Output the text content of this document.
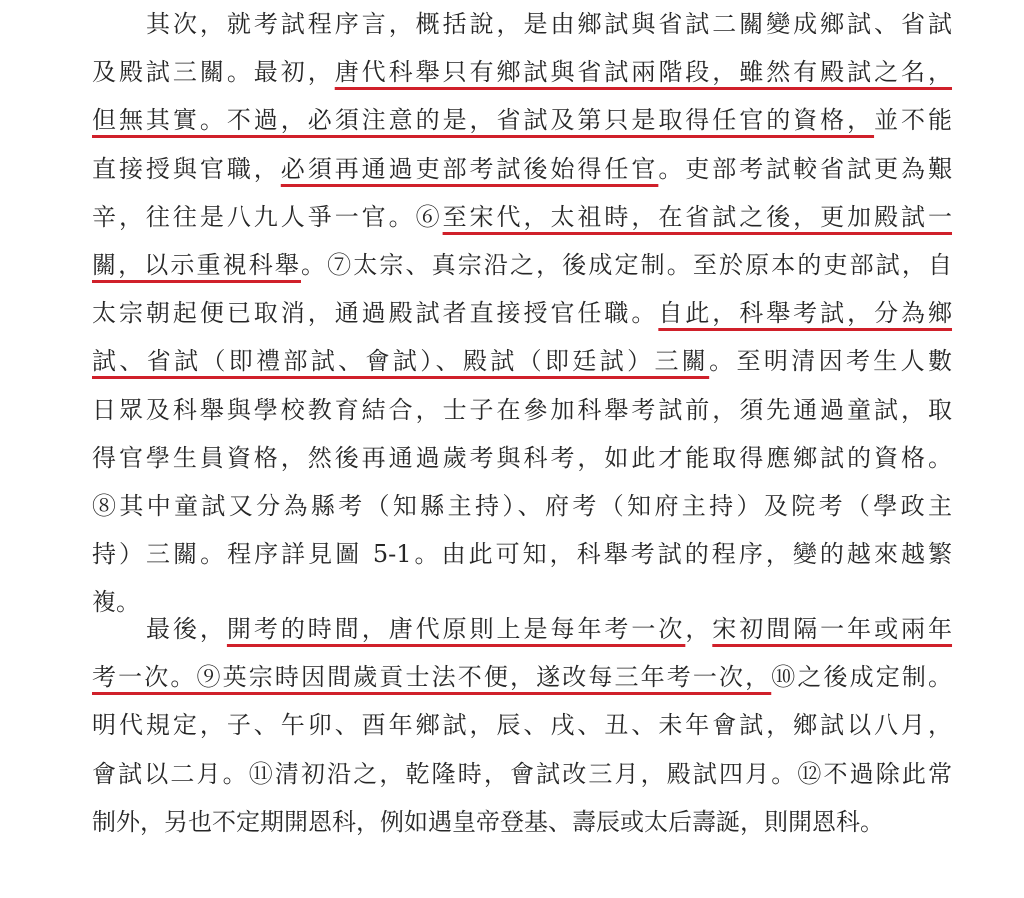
其次，就考試程序言，概括說，是由鄉試與省試二關變成鄉試、省試
及殿試三關。最初，唐代科舉只有鄉試與省試兩階段，雖然有殿試之名，
但無其實。不過，必須注意的是，省試及第只是取得任官的資格，並不能
直接授與官職，必須再通過吏部考試後始得任官。吏部考試較省試更為艱
辛，往往是八九人爭一官。⑥至宋代，太祖時，在省試之後，更加殿試一
關，以示重視科舉。⑦太宗、真宗沿之，後成定制。至於原本的吏部試，自
太宗朝起便已取消，通過殿試者直接授官任職。自此，科舉考試，分為鄉
試、省試（即禮部試、會試）、殿試（即廷試）三關。至明清因考生人數
日眾及科舉與學校教育結合，士子在參加科舉考試前，須先通過童試，取
得官學生員資格，然後再通過歲考與科考，如此才能取得應鄉試的資格。
⑧其中童試又分為縣考（知縣主持）、府考（知府主持）及院考（學政主
持）三關。程序詳見圖 5-1。由此可知，科舉考試的程序，變的越來越繁
複。
最後，開考的時間，唐代原則上是每年考一次，宋初間隔一年或兩年
考一次。⑨英宗時因間歲貢士法不便，遂改每三年考一次，⑩之後成定制。
明代規定，子、午卯、酉年鄉試，辰、戌、丑、未年會試，鄉試以八月，
會試以二月。⑪清初沿之，乾隆時，會試改三月，殿試四月。⑫不過除此常
制外，另也不定期開恩科，例如遇皇帝登基、壽辰或太后壽誕，則開恩科。
